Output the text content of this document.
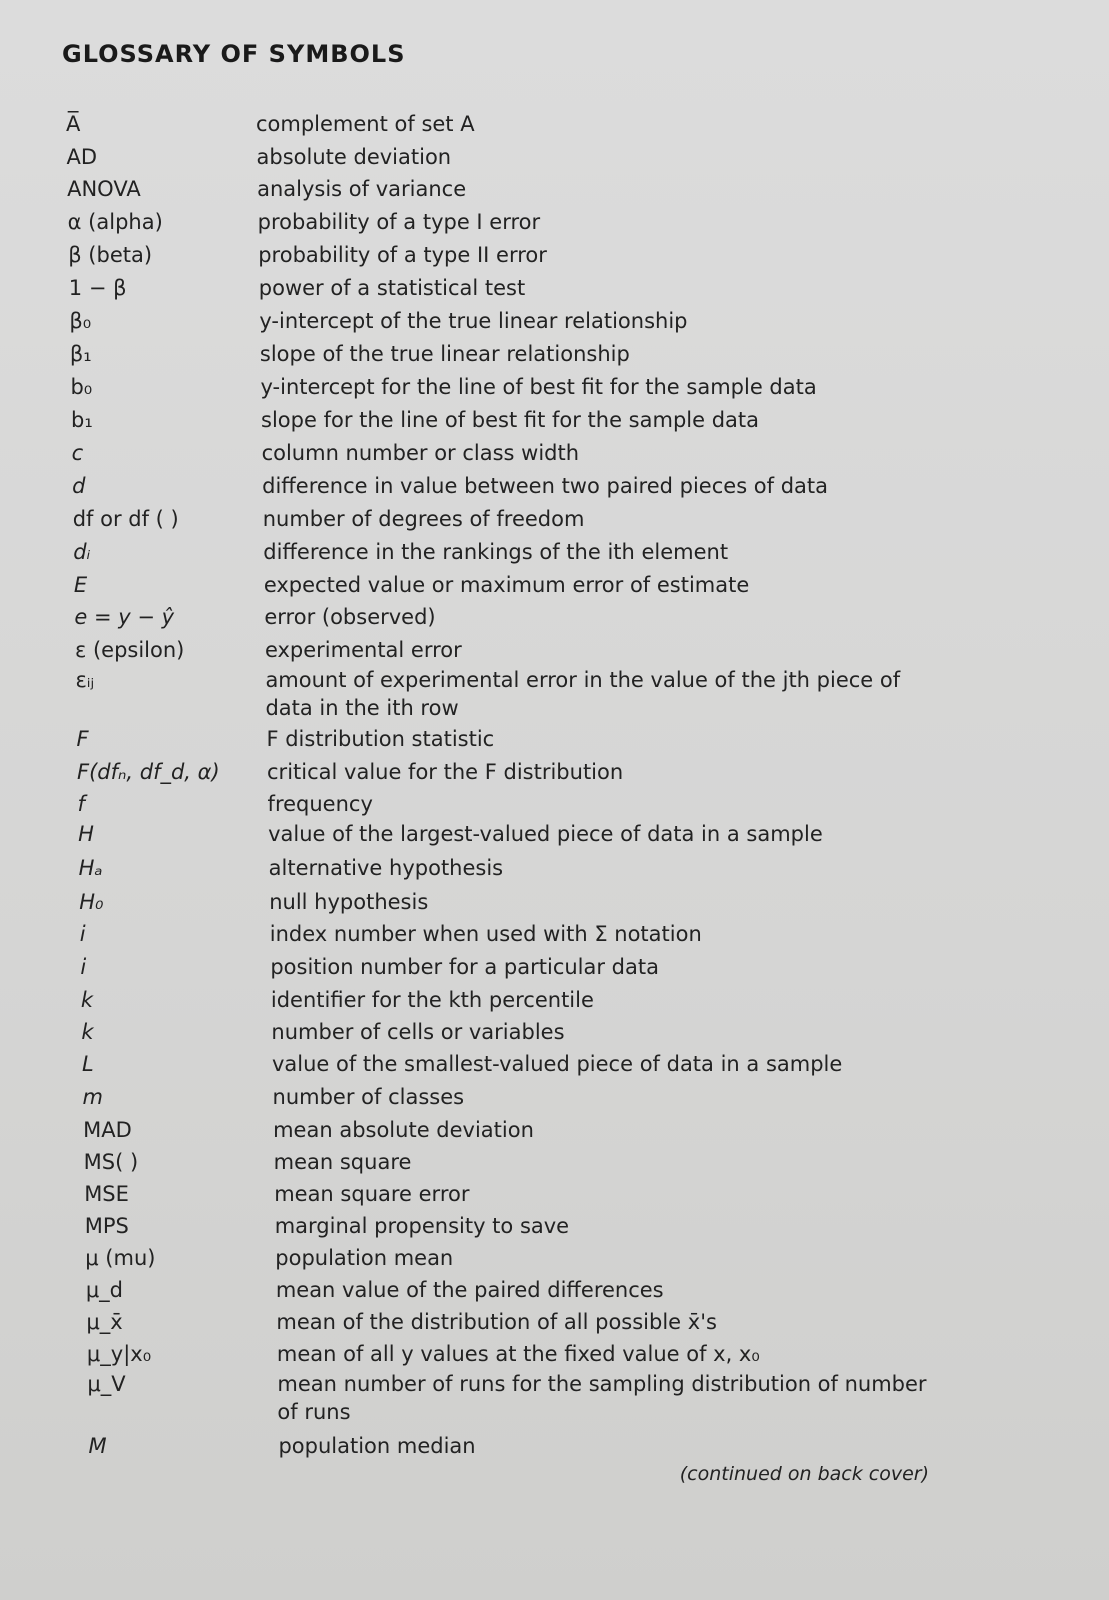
GLOSSARY OF SYMBOLS
A̅	complement of set A
AD	absolute deviation
ANOVA	analysis of variance
α (alpha)	probability of a type I error
β (beta)	probability of a type II error
1 − β	power of a statistical test
β₀	y-intercept of the true linear relationship
β₁	slope of the true linear relationship
b₀	y-intercept for the line of best fit for the sample data
b₁	slope for the line of best fit for the sample data
c	column number or class width
d	difference in value between two paired pieces of data
df or df ( )	number of degrees of freedom
dᵢ	difference in the rankings of the ith element
E	expected value or maximum error of estimate
e = y − ŷ	error (observed)
ε (epsilon)	experimental error
εᵢⱼ	amount of experimental error in the value of the jth piece of
data in the ith row
F	F distribution statistic
F(dfₙ, df_d, α) critical value for the F distribution
f	frequency
H	value of the largest-valued piece of data in a sample
Hₐ	alternative hypothesis
H₀	null hypothesis
i	index number when used with Σ notation
i	position number for a particular data
k	identifier for the kth percentile
k	number of cells or variables
L	value of the smallest-valued piece of data in a sample
m	number of classes
MAD	mean absolute deviation
MS( )	mean square
MSE	mean square error
MPS	marginal propensity to save
μ (mu)	population mean
μ_d	mean value of the paired differences
μ_x̄	mean of the distribution of all possible x̄'s
μ_y|x₀	mean of all y values at the fixed value of x, x₀
μ_V	mean number of runs for the sampling distribution of number
of runs
M	population median
(continued on back cover)
